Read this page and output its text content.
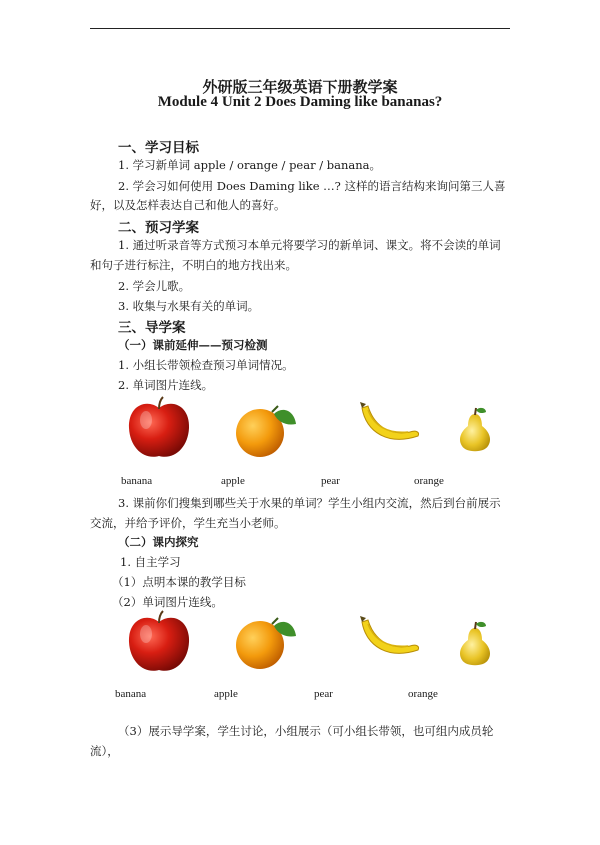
外研版三年级英语下册教学案
Module 4 Unit 2 Does Daming like bananas?
一、学习目标
1. 学习新单词 apple / orange / pear / banana。
2. 学会习如何使用 Does Daming like …? 这样的语言结构来询问第三人喜
好，以及怎样表达自己和他人的喜好。
二、预习学案
1. 通过听录音等方式预习本单元将要学习的新单词、课文。将不会读的单词
和句子进行标注，不明白的地方找出来。
2. 学会儿歌。
3. 收集与水果有关的单词。
三、导学案
（一）课前延伸——预习检测
1. 小组长带领检查预习单词情况。
2. 单词图片连线。
banana	apple	pear	orange
3. 课前你们搜集到哪些关于水果的单词？学生小组内交流，然后到台前展示
交流，并给予评价，学生充当小老师。
（二）课内探究
1. 自主学习
（1）点明本课的教学目标
（2）单词图片连线。
banana	apple	pear	orange
（3）展示导学案，学生讨论，小组展示（可小组长带领，也可组内成员轮
流），
